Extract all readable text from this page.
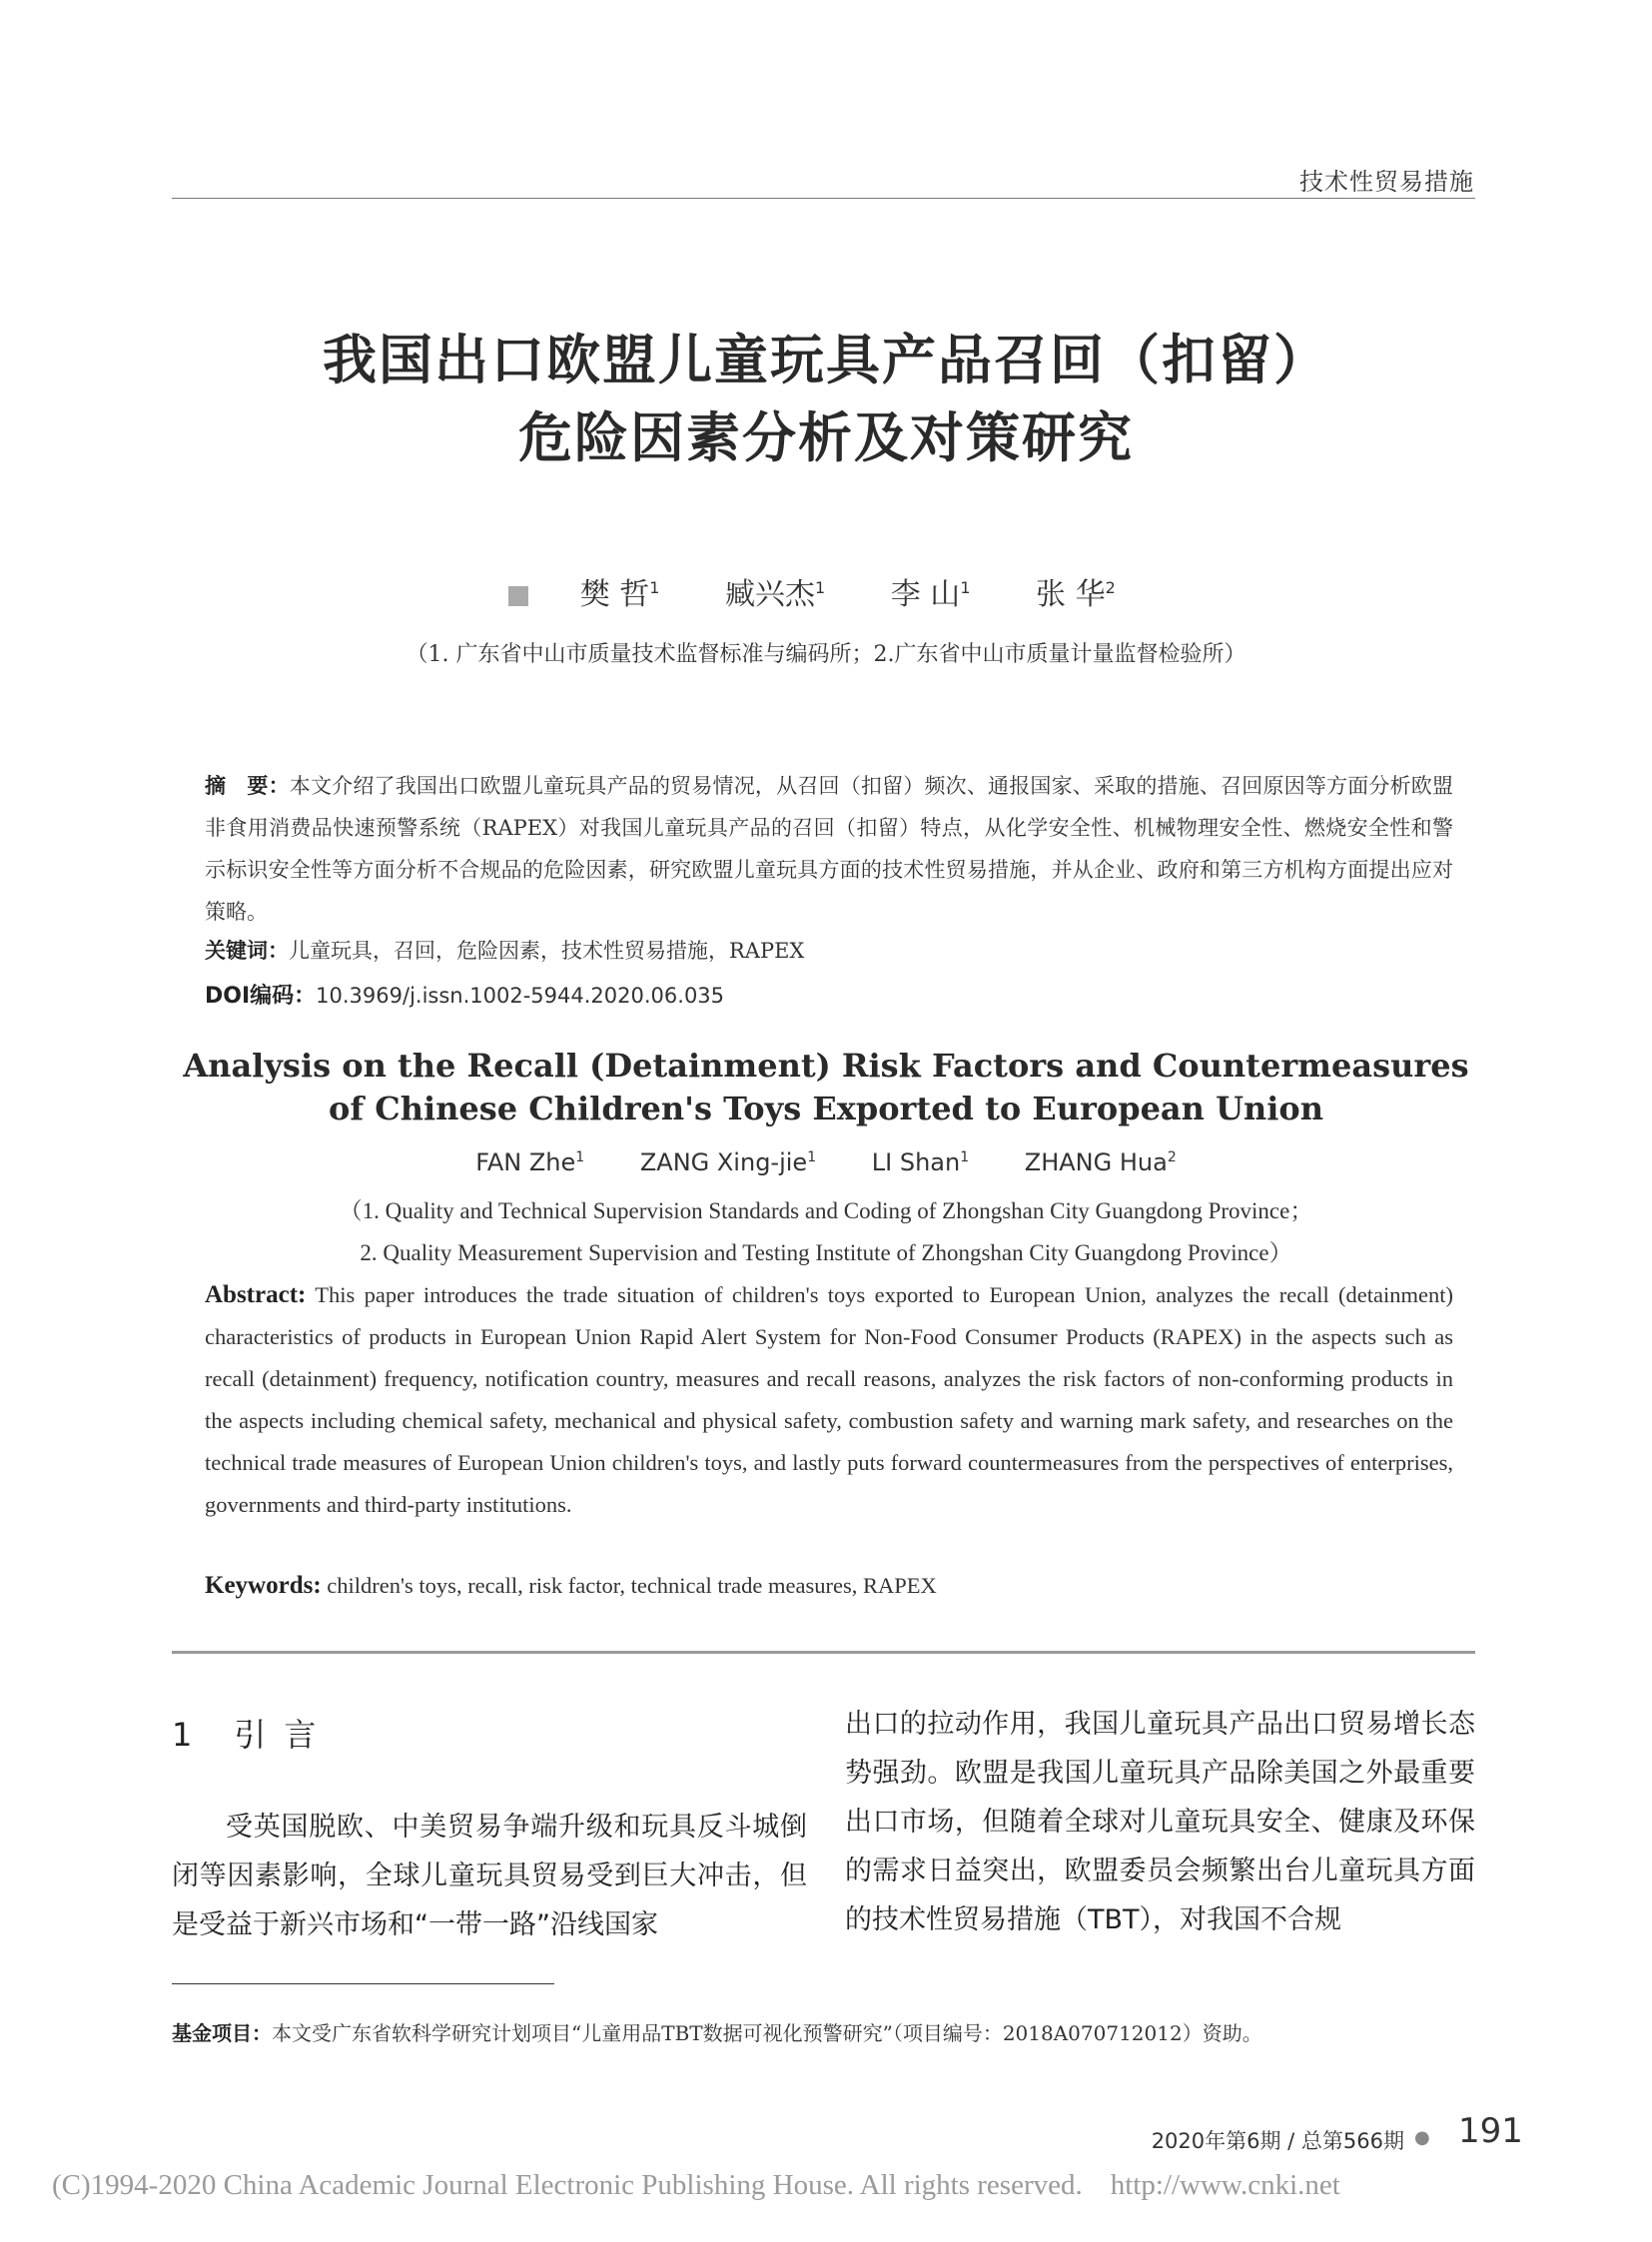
技术性贸易措施
我国出口欧盟儿童玩具产品召回（扣留）
危险因素分析及对策研究
樊 哲$^1$ 臧兴杰$^1$ 李 山$^1$ 张 华$^2$
（1. 广东省中山市质量技术监督标准与编码所；2.广东省中山市质量计量监督检验所）
摘　要：本文介绍了我国出口欧盟儿童玩具产品的贸易情况，从召回（扣留）频次、通报国家、采取的措施、召回原因等方面分析欧盟非食用消费品快速预警系统（RAPEX）对我国儿童玩具产品的召回（扣留）特点，从化学安全性、机械物理安全性、燃烧安全性和警示标识安全性等方面分析不合规品的危险因素，研究欧盟儿童玩具方面的技术性贸易措施，并从企业、政府和第三方机构方面提出应对策略。
关键词：儿童玩具，召回，危险因素，技术性贸易措施，RAPEX
DOI编码：10.3969/j.issn.1002-5944.2020.06.035
Analysis on the Recall (Detainment) Risk Factors and Countermeasures
of Chinese Children's Toys Exported to European Union
FAN Zhe$^1$ ZANG Xing-jie$^1$ LI Shan$^1$ ZHANG Hua$^2$
（1. Quality and Technical Supervision Standards and Coding of Zhongshan City Guangdong Province；
2. Quality Measurement Supervision and Testing Institute of Zhongshan City Guangdong Province）
Abstract: This paper introduces the trade situation of children's toys exported to European Union, analyzes the recall (detainment) characteristics of products in European Union Rapid Alert System for Non-Food Consumer Products (RAPEX) in the aspects such as recall (detainment) frequency, notification country, measures and recall reasons, analyzes the risk factors of non-conforming products in the aspects including chemical safety, mechanical and physical safety, combustion safety and warning mark safety, and researches on the technical trade measures of European Union children's toys, and lastly puts forward countermeasures from the perspectives of enterprises, governments and third-party institutions.
Keywords: children's toys, recall, risk factor, technical trade measures, RAPEX
1 引言
受英国脱欧、中美贸易争端升级和玩具反斗城倒闭等因素影响，全球儿童玩具贸易受到巨大冲击，但是受益于新兴市场和“一带一路”沿线国家
出口的拉动作用，我国儿童玩具产品出口贸易增长态势强劲。欧盟是我国儿童玩具产品除美国之外最重要出口市场，但随着全球对儿童玩具安全、健康及环保的需求日益突出，欧盟委员会频繁出台儿童玩具方面的技术性贸易措施（TBT），对我国不合规
基金项目：本文受广东省软科学研究计划项目“儿童用品TBT数据可视化预警研究”（项目编号：2018A070712012）资助。
2020年第6期 / 总第566期 ● 191
(C)1994-2020 China Academic Journal Electronic Publishing House. All rights reserved. http://www.cnki.net
